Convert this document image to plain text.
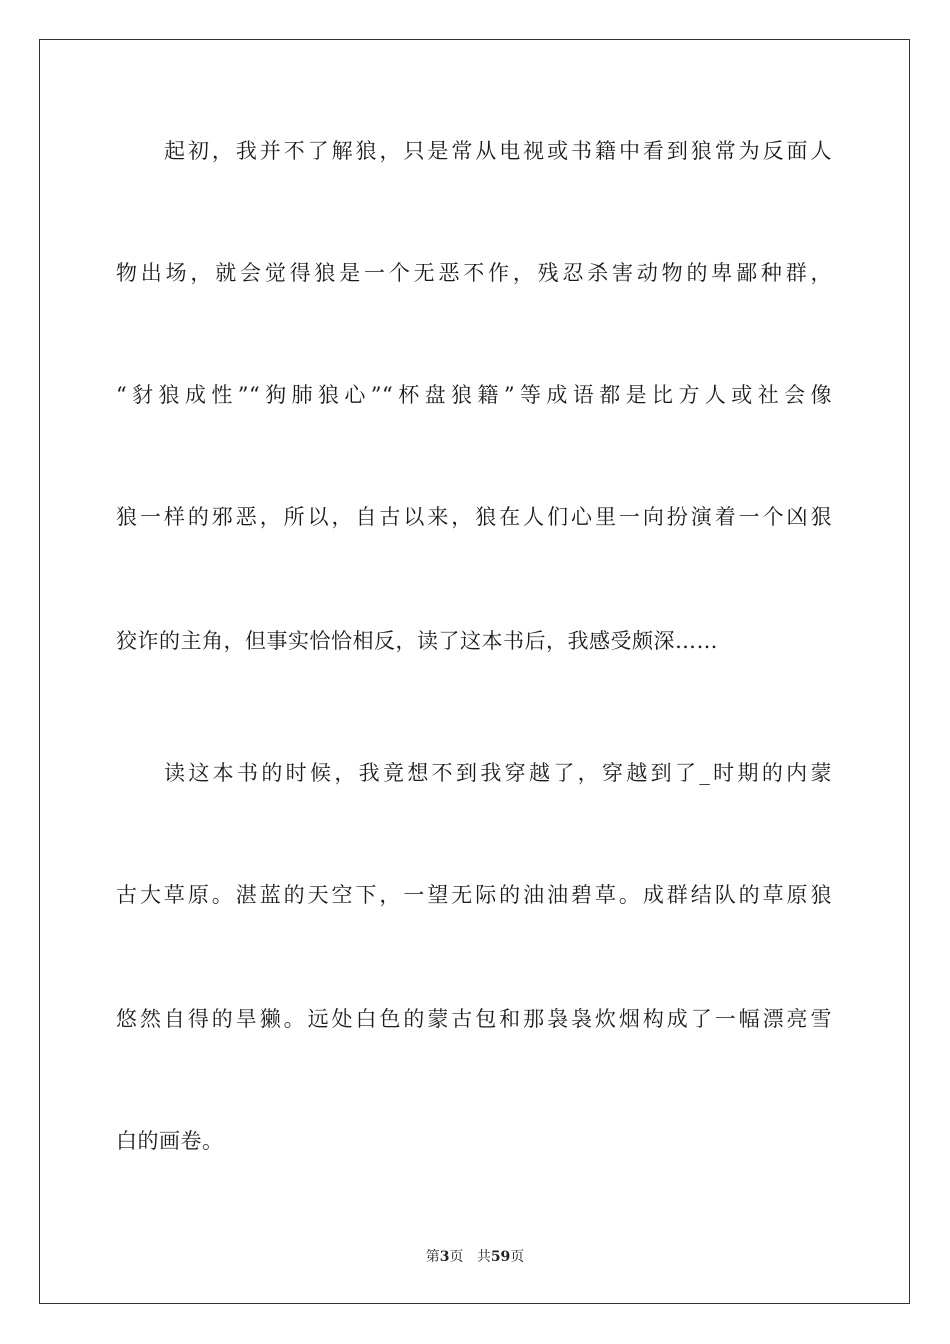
起初，我并不了解狼，只是常从电视或书籍中看到狼常为反面人
物出场，就会觉得狼是一个无恶不作，残忍杀害动物的卑鄙种群，
“豺狼成性”“狗肺狼心”“杯盘狼籍”等成语都是比方人或社会像
狼一样的邪恶，所以，自古以来，狼在人们心里一向扮演着一个凶狠
狡诈的主角，但事实恰恰相反，读了这本书后，我感受颇深……
读这本书的时候，我竟想不到我穿越了，穿越到了_时期的内蒙
古大草原。湛蓝的天空下，一望无际的油油碧草。成群结队的草原狼
悠然自得的旱獭。远处白色的蒙古包和那袅袅炊烟构成了一幅漂亮雪
白的画卷。
第3页 共59页
